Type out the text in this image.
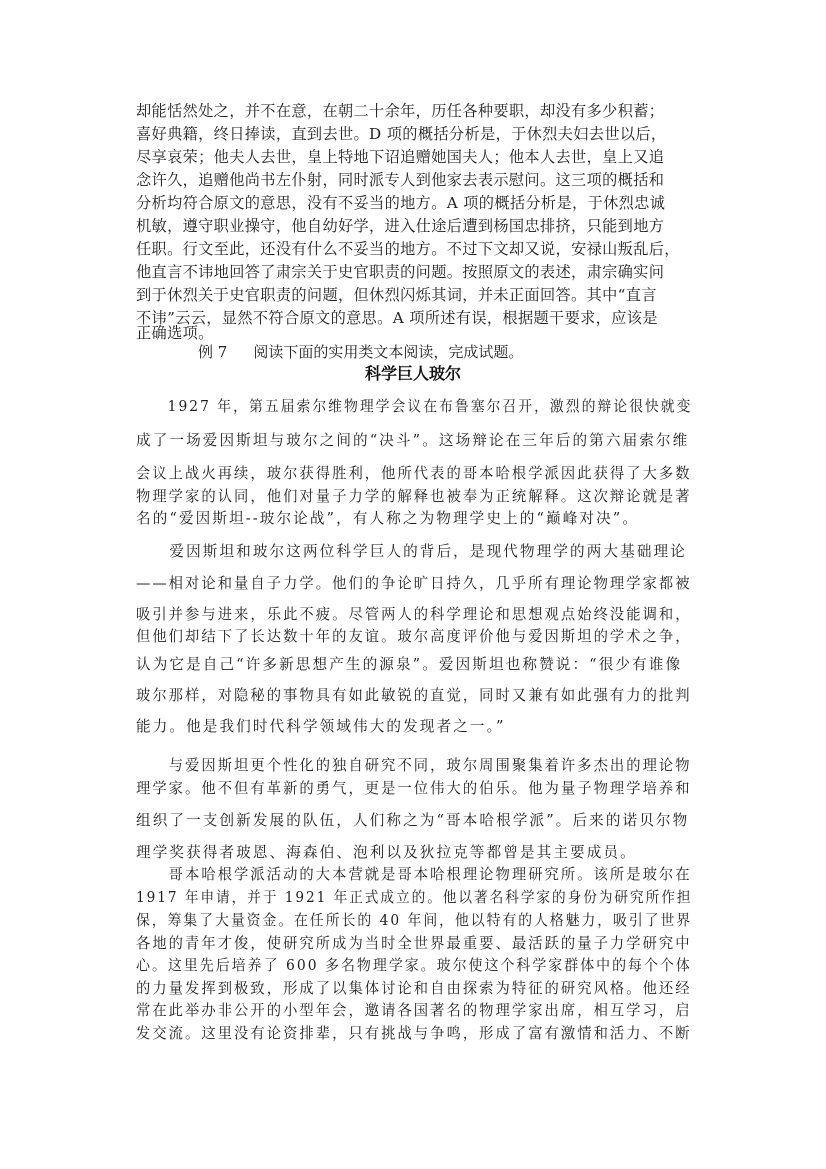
却能恬然处之，并不在意，在朝二十余年，历任各种要职，却没有多少积蓄；
喜好典籍，终日捧读，直到去世。D 项的概括分析是，于休烈夫妇去世以后，
尽享哀荣；他夫人去世，皇上特地下诏追赠她国夫人；他本人去世，皇上又追
念许久，追赠他尚书左仆射，同时派专人到他家去表示慰问。这三项的概括和
分析均符合原文的意思，没有不妥当的地方。A 项的概括分析是，于休烈忠诚
机敏，遵守职业操守，他自幼好学，进入仕途后遭到杨国忠排挤，只能到地方
任职。行文至此，还没有什么不妥当的地方。不过下文却又说，安禄山叛乱后，
他直言不讳地回答了肃宗关于史官职责的问题。按照原文的表述，肃宗确实问
到于休烈关于史官职责的问题，但休烈闪烁其词，并未正面回答。其中“直言
不讳”云云，显然不符合原文的意思。A 项所述有误，根据题干要求，应该是
正确选项。
例 7 阅读下面的实用类文本阅读，完成试题。
科学巨人玻尔
　　1927 年，第五届索尔维物理学会议在布鲁塞尔召开，激烈的辩论很快就变
成了一场爱因斯坦与玻尔之间的“决斗”。这场辩论在三年后的第六届索尔维
会议上战火再续，玻尔获得胜利，他所代表的哥本哈根学派因此获得了大多数
物理学家的认同，他们对量子力学的解释也被奉为正统解释。这次辩论就是著
名的“爱因斯坦--玻尔论战”，有人称之为物理学史上的“巅峰对决”。
　　爱因斯坦和玻尔这两位科学巨人的背后，是现代物理学的两大基础理论
——相对论和量自子力学。他们的争论旷日持久，几乎所有理论物理学家都被
吸引并参与进来，乐此不疲。尽管两人的科学理论和思想观点始终没能调和，
但他们却结下了长达数十年的友谊。玻尔高度评价他与爱因斯坦的学术之争，
认为它是自己“许多新思想产生的源泉”。爱因斯坦也称赞说：“很少有谁像
玻尔那样，对隐秘的事物具有如此敏锐的直觉，同时又兼有如此强有力的批判
能力。他是我们时代科学领域伟大的发现者之一。”
　　与爱因斯坦更个性化的独自研究不同，玻尔周围聚集着许多杰出的理论物
理学家。他不但有革新的勇气，更是一位伟大的伯乐。他为量子物理学培养和
组织了一支创新发展的队伍，人们称之为“哥本哈根学派”。后来的诺贝尔物
理学奖获得者玻恩、海森伯、泡利以及狄拉克等都曾是其主要成员。
　　哥本哈根学派活动的大本营就是哥本哈根理论物理研究所。该所是玻尔在
1917 年申请，并于 1921 年正式成立的。他以著名科学家的身份为研究所作担
保，筹集了大量资金。在任所长的 40 年间，他以特有的人格魅力，吸引了世界
各地的青年才俊，使研究所成为当时全世界最重要、最活跃的量子力学研究中
心。这里先后培养了 600 多名物理学家。玻尔使这个科学家群体中的每个个体
的力量发挥到极致，形成了以集体讨论和自由探索为特征的研究风格。他还经
常在此举办非公开的小型年会，邀请各国著名的物理学家出席，相互学习，启
发交流。这里没有论资排辈，只有挑战与争鸣，形成了富有激情和活力、不断
